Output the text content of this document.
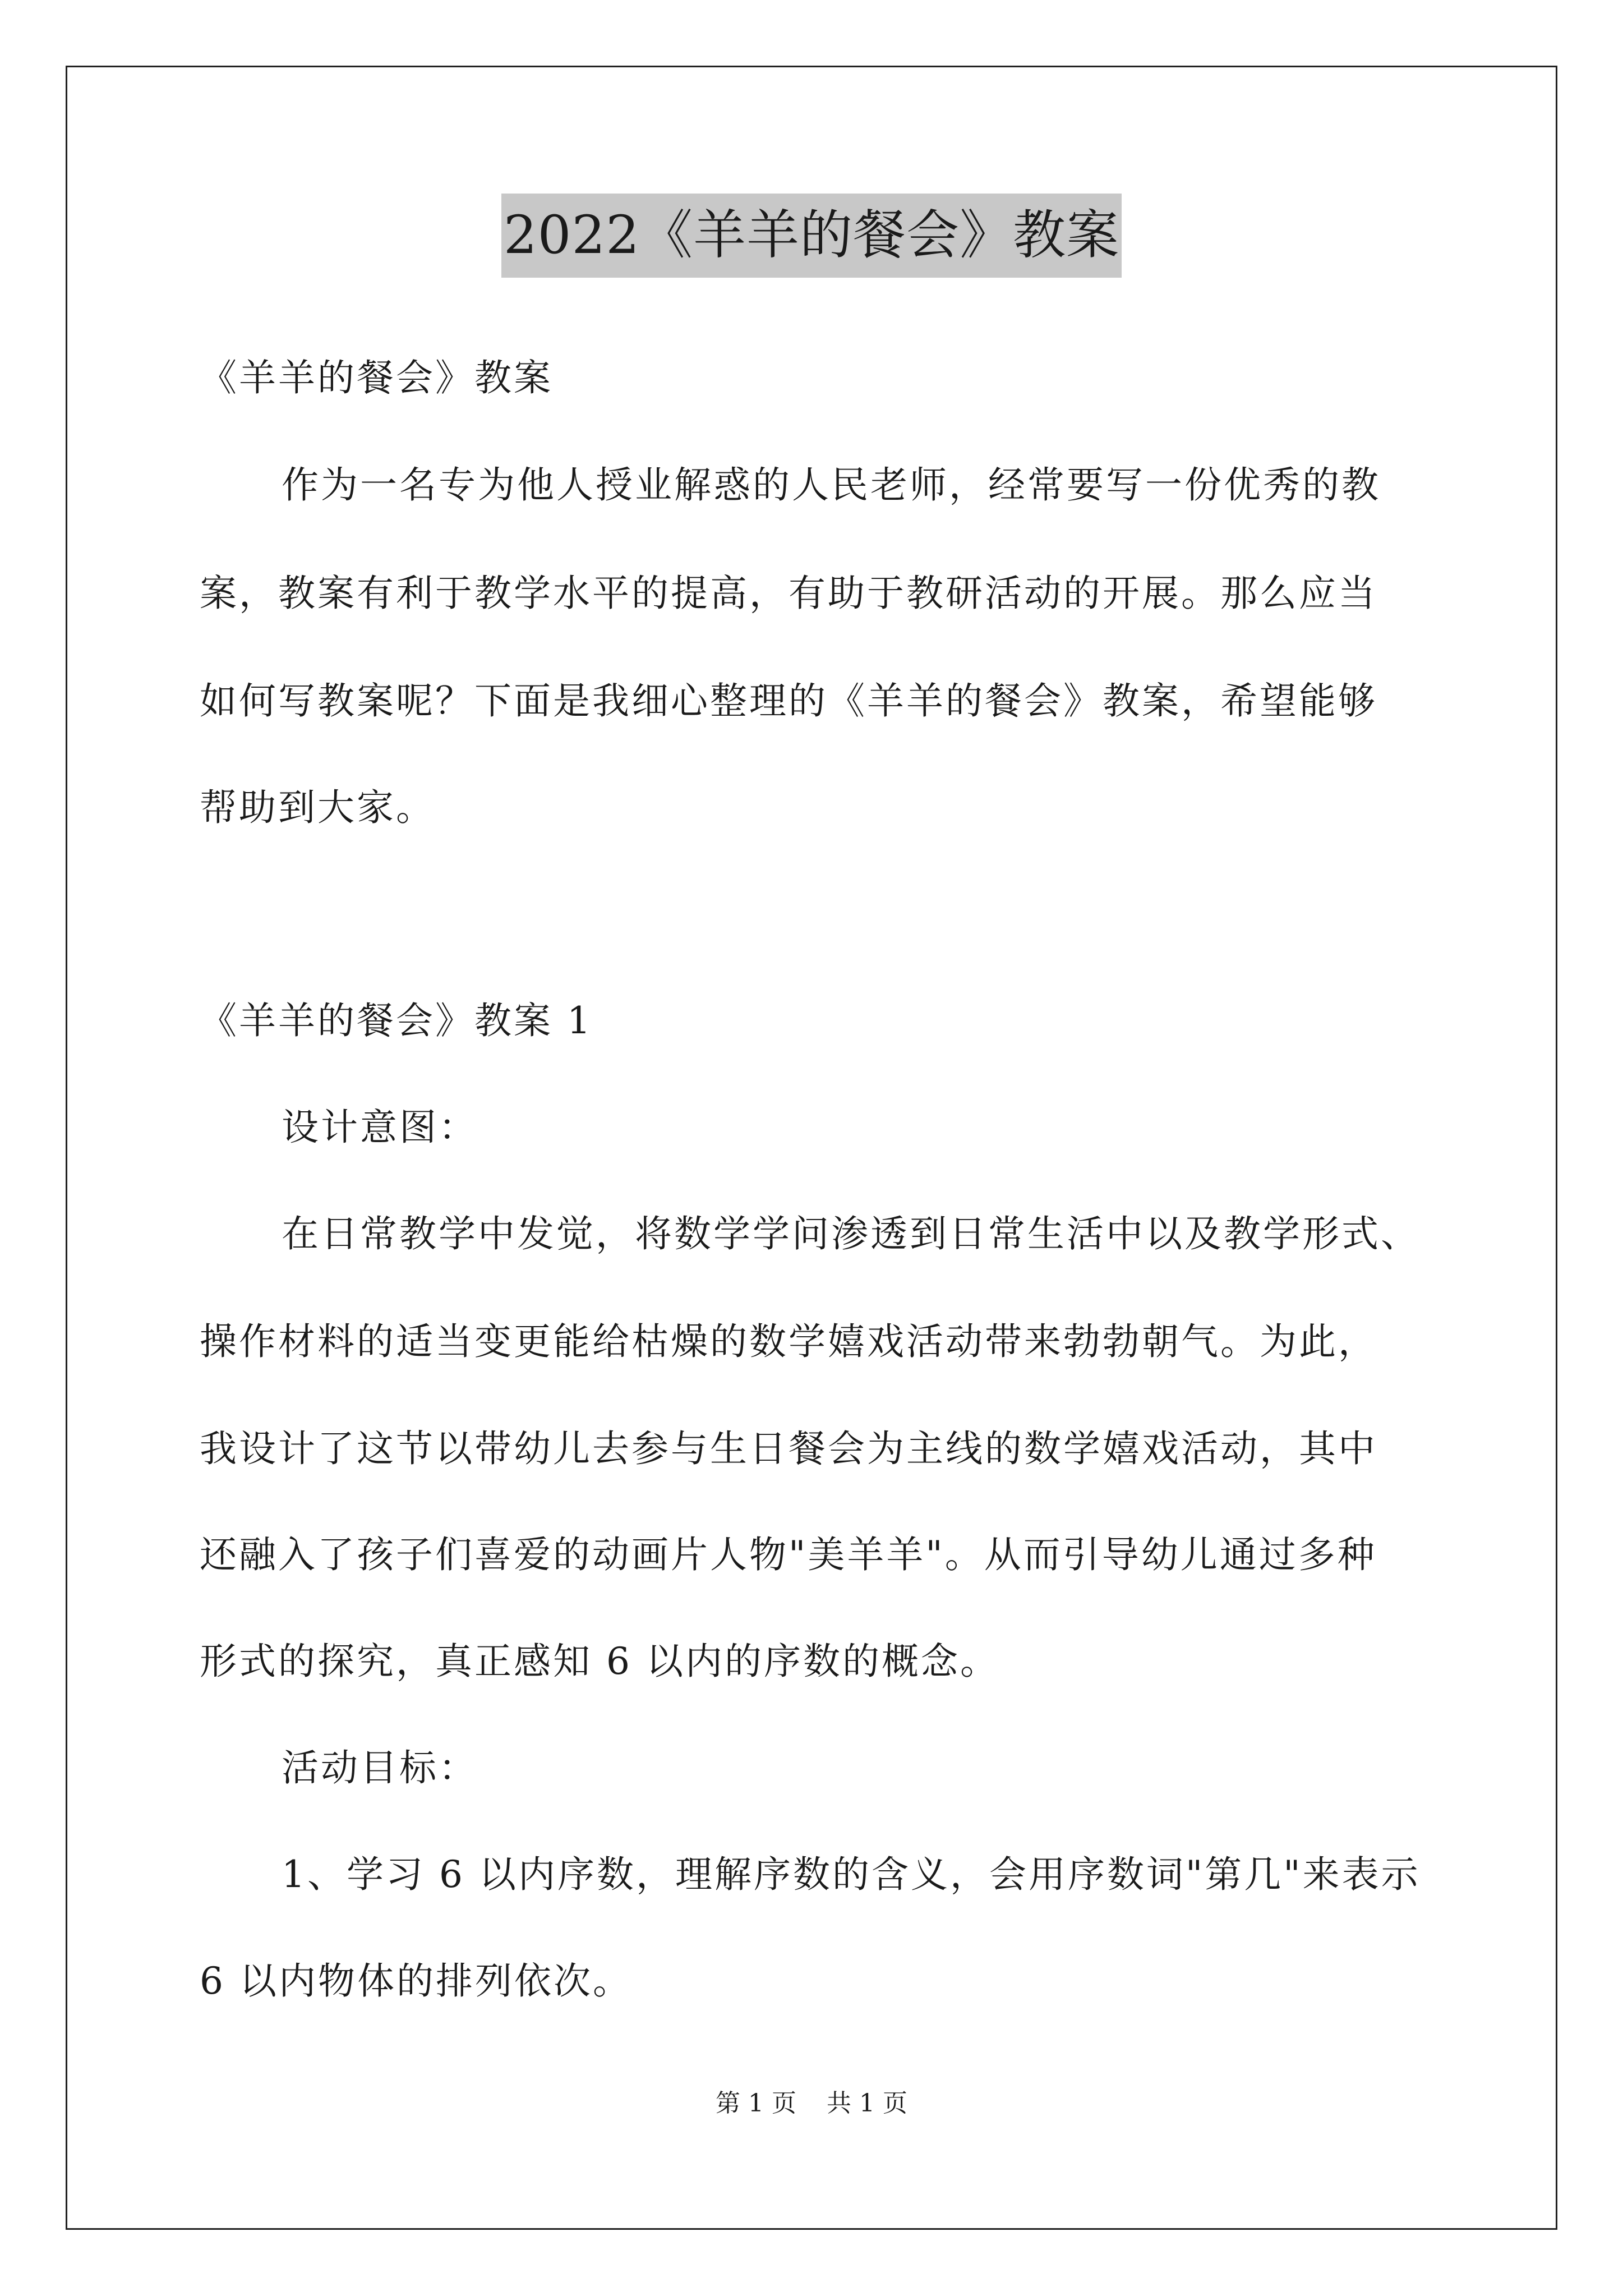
2022《羊羊的餐会》教案
《羊羊的餐会》教案
作为一名专为他人授业解惑的人民老师，经常要写一份优秀的教
案，教案有利于教学水平的提高，有助于教研活动的开展。那么应当
如何写教案呢？下面是我细心整理的《羊羊的餐会》教案，希望能够
帮助到大家。
《羊羊的餐会》教案 1
设计意图：
在日常教学中发觉，将数学学问渗透到日常生活中以及教学形式、
操作材料的适当变更能给枯燥的数学嬉戏活动带来勃勃朝气。为此，
我设计了这节以带幼儿去参与生日餐会为主线的数学嬉戏活动，其中
还融入了孩子们喜爱的动画片人物"美羊羊"。从而引导幼儿通过多种
形式的探究，真正感知 6 以内的序数的概念。
活动目标：
1、学习 6 以内序数，理解序数的含义，会用序数词"第几"来表示
6 以内物体的排列依次。
第 1 页 共 1 页
